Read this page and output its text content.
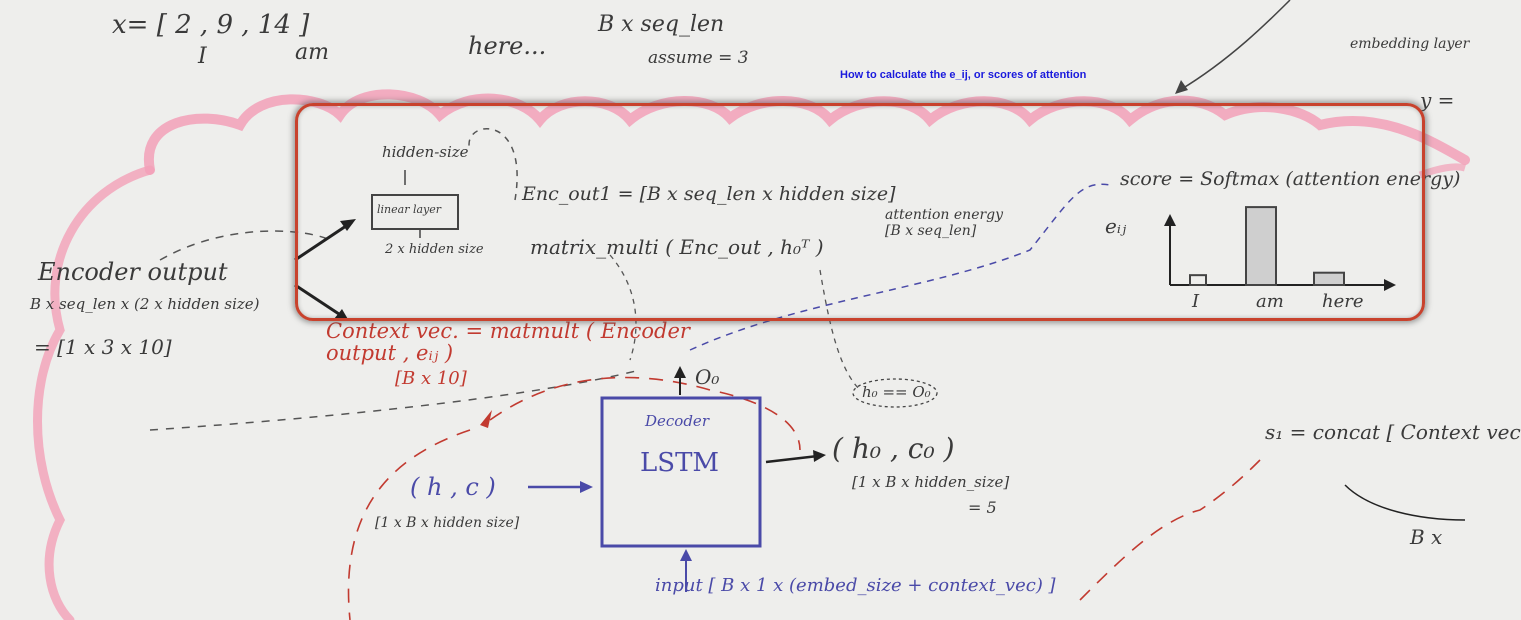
x= [ 2 , 9 , 14 ]
I	am	here...
B x seq_len
assume = 3
embedding layer
y =
How to calculate the e_ij, or scores of attention
hidden-size
linear layer
2 x hidden size
Encoder output
B x seq_len x (2 x hidden size)
= [1 x 3 x 10]
Enc_out1 = [B x seq_len x hidden size]
matrix_multi ( Enc_out , h₀ᵀ )
attention energy [B x seq_len]
score = Softmax (attention energy)
eᵢⱼ
I	am here
Context vec. = matmult ( Encoder output , eᵢⱼ )
[B x 10]	O₀
h₀ == O₀
Decoder
LSTM
( h , c )
[1 x B x hidden size]
( h₀ , c₀ )
[1 x B x hidden_size]
= 5
input [ B x 1 x (embed_size + context_vec) ]
s₁ = concat [ Context vec
B x
